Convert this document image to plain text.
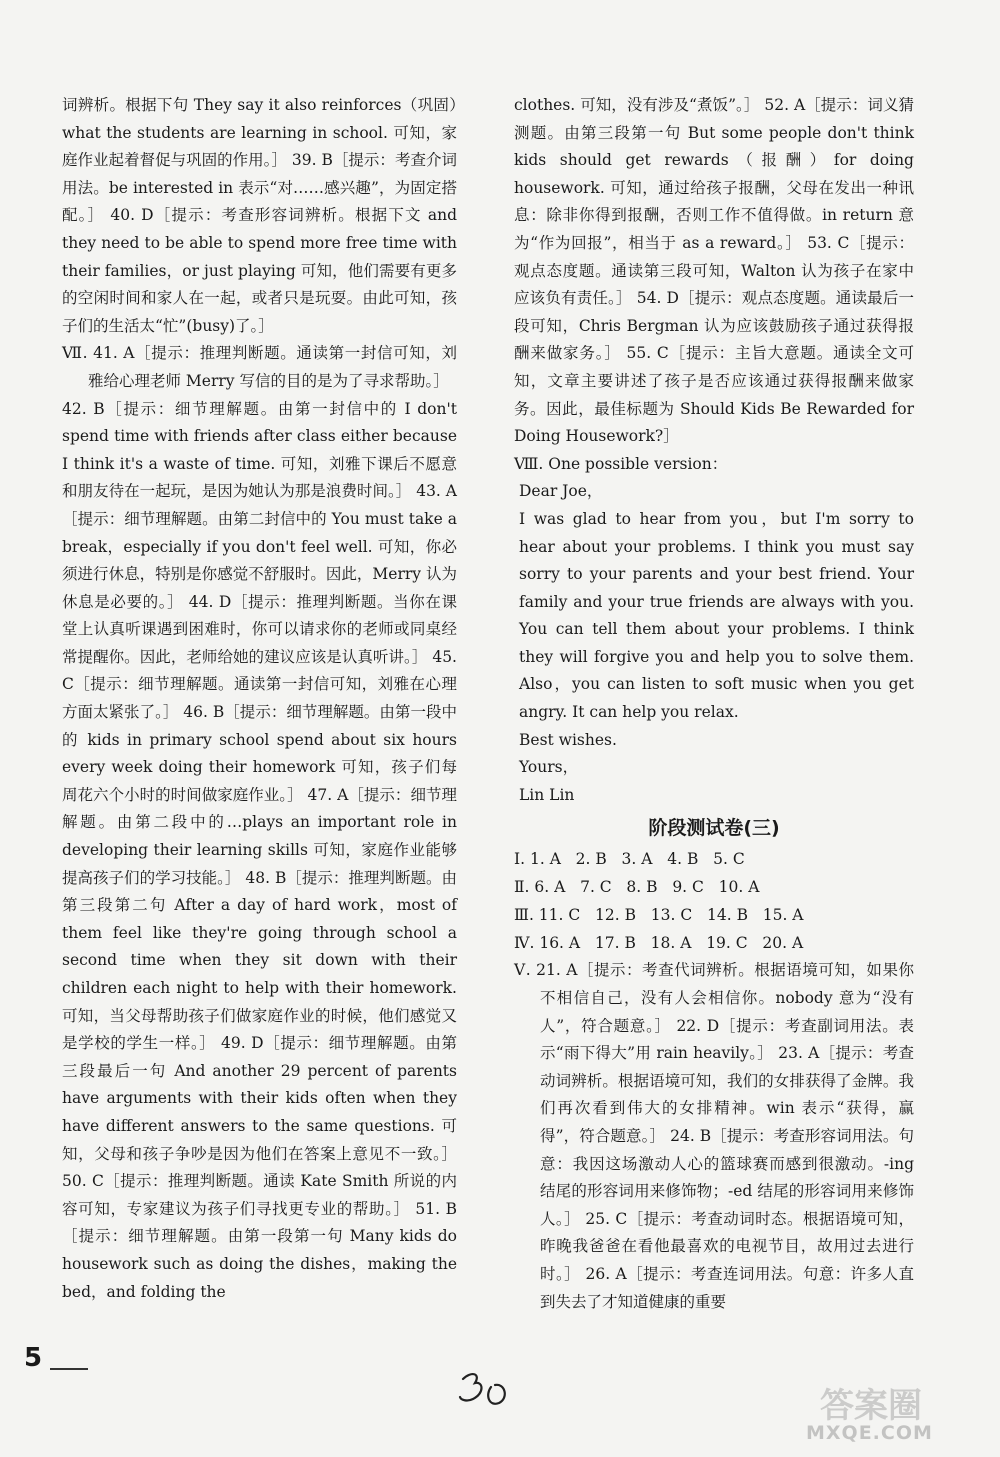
词辨析。根据下句 They say it also reinforces（巩固）what the students are learning in school. 可知，家庭作业起着督促与巩固的作用。］ 39. B［提示：考查介词用法。be interested in 表示“对……感兴趣”，为固定搭配。］ 40. D［提示：考查形容词辨析。根据下文 and they need to be able to spend more free time with their families，or just playing 可知，他们需要有更多的空闲时间和家人在一起，或者只是玩耍。由此可知，孩子们的生活太“忙”(busy)了。］

Ⅶ. 41. A［提示：推理判断题。通读第一封信可知，刘雅给心理老师 Merry 写信的目的是为了寻求帮助。］

42. B［提示：细节理解题。由第一封信中的 I don't spend time with friends after class either because I think it's a waste of time. 可知，刘雅下课后不愿意和朋友待在一起玩，是因为她认为那是浪费时间。］ 43. A［提示：细节理解题。由第二封信中的 You must take a break，especially if you don't feel well. 可知，你必须进行休息，特别是你感觉不舒服时。因此，Merry 认为休息是必要的。］ 44. D［提示：推理判断题。当你在课堂上认真听课遇到困难时，你可以请求你的老师或同桌经常提醒你。因此，老师给她的建议应该是认真听讲。］ 45. C［提示：细节理解题。通读第一封信可知，刘雅在心理方面太紧张了。］ 46. B［提示：细节理解题。由第一段中的 kids in primary school spend about six hours every week doing their homework 可知，孩子们每周花六个小时的时间做家庭作业。］ 47. A［提示：细节理解题。由第二段中的…plays an important role in developing their learning skills 可知，家庭作业能够提高孩子们的学习技能。］ 48. B［提示：推理判断题。由第三段第二句 After a day of hard work，most of them feel like they're going through school a second time when they sit down with their children each night to help with their homework. 可知，当父母帮助孩子们做家庭作业的时候，他们感觉又是学校的学生一样。］ 49. D［提示：细节理解题。由第三段最后一句 And another 29 percent of parents have arguments with their kids often when they have different answers to the same questions. 可知，父母和孩子争吵是因为他们在答案上意见不一致。］ 50. C［提示：推理判断题。通读 Kate Smith 所说的内容可知，专家建议为孩子们寻找更专业的帮助。］ 51. B［提示：细节理解题。由第一段第一句 Many kids do housework such as doing the dishes，making the bed，and folding the

clothes. 可知，没有涉及“煮饭”。］ 52. A［提示：词义猜测题。由第三段第一句 But some people don't think kids should get rewards（报酬）for doing housework. 可知，通过给孩子报酬，父母在发出一种讯息：除非你得到报酬，否则工作不值得做。in return 意为“作为回报”，相当于 as a reward。］ 53. C［提示：观点态度题。通读第三段可知，Walton 认为孩子在家中应该负有责任。］ 54. D［提示：观点态度题。通读最后一段可知，Chris Bergman 认为应该鼓励孩子通过获得报酬来做家务。］ 55. C［提示：主旨大意题。通读全文可知，文章主要讲述了孩子是否应该通过获得报酬来做家务。因此，最佳标题为 Should Kids Be Rewarded for Doing Housework?］

Ⅷ. One possible version：

Dear Joe，

I was glad to hear from you，but I'm sorry to hear about your problems. I think you must say sorry to your parents and your best friend. Your family and your true friends are always with you. You can tell them about your problems. I think they will forgive you and help you to solve them. Also，you can listen to soft music when you get angry. It can help you relax.

Best wishes.

Yours，

Lin Lin

阶段测试卷(三)

Ⅰ. 1. A   2. B   3. A   4. B   5. C

Ⅱ. 6. A   7. C   8. B   9. C   10. A

Ⅲ. 11. C   12. B   13. C   14. B   15. A

Ⅳ. 16. A   17. B   18. A   19. C   20. A

Ⅴ. 21. A［提示：考查代词辨析。根据语境可知，如果你不相信自己，没有人会相信你。nobody 意为“没有人”，符合题意。］ 22. D［提示：考查副词用法。表示“雨下得大”用 rain heavily。］ 23. A［提示：考查动词辨析。根据语境可知，我们的女排获得了金牌。我们再次看到伟大的女排精神。win 表示“获得，赢得”，符合题意。］ 24. B［提示：考查形容词用法。句意：我因这场激动人心的篮球赛而感到很激动。-ing 结尾的形容词用来修饰物；-ed 结尾的形容词用来修饰人。］ 25. C［提示：考查动词时态。根据语境可知，昨晚我爸爸在看他最喜欢的电视节目，故用过去进行时。］ 26. A［提示：考查连词用法。句意：许多人直到失去了才知道健康的重要

5
答案圈
MXQE.COM
